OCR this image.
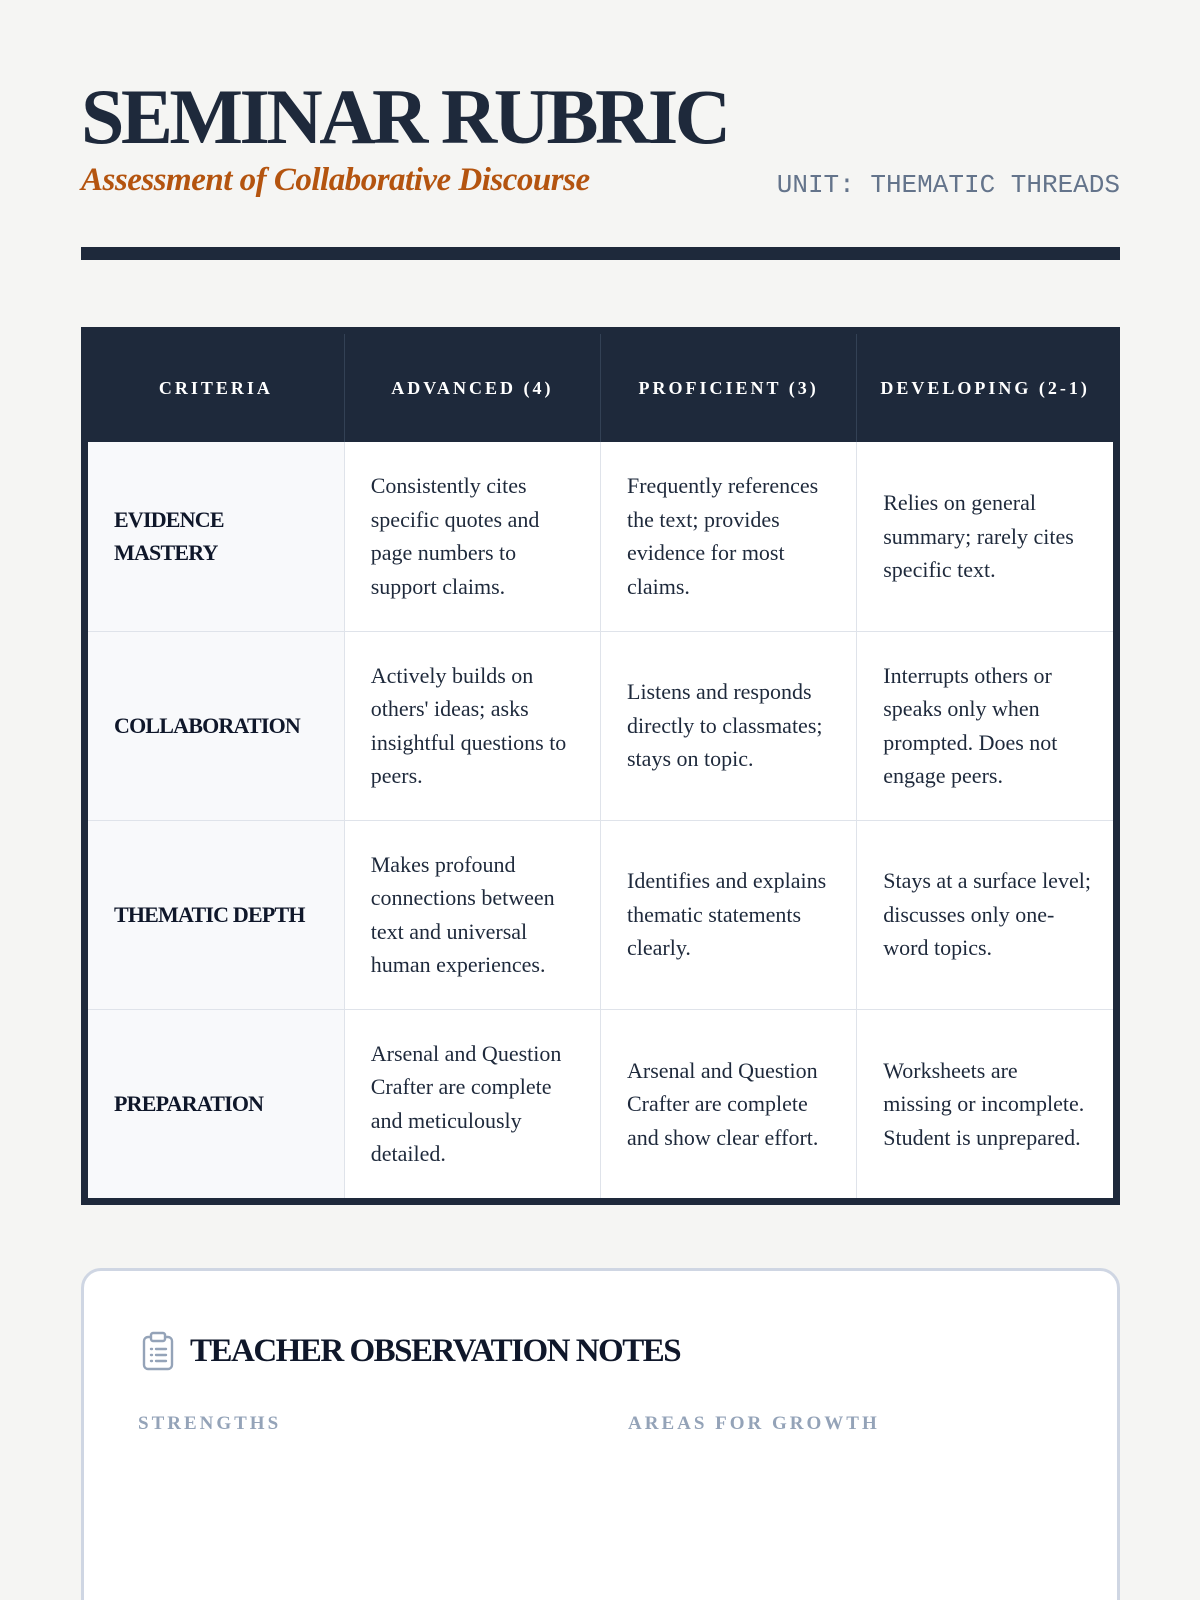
SEMINAR RUBRIC
Assessment of Collaborative Discourse	UNIT: THEMATIC THREADS
CRITERIA	ADVANCED (4)	PROFICIENT (3)	DEVELOPING (2-1)
EVIDENCE MASTERY	Consistently cites specific quotes and page numbers to support claims.	Frequently references the text; provides evidence for most claims.	Relies on general summary; rarely cites specific text.
COLLABORATION	Actively builds on others' ideas; asks insightful questions to peers.	Listens and responds directly to classmates; stays on topic.	Interrupts others or speaks only when prompted. Does not engage peers.
THEMATIC DEPTH	Makes profound connections between text and universal human experiences.	Identifies and explains thematic statements clearly.	Stays at a surface level; discusses only one-word topics.
PREPARATION	Arsenal and Question Crafter are complete and meticulously detailed.	Arsenal and Question Crafter are complete and show clear effort.	Worksheets are missing or incomplete. Student is unprepared.
TEACHER OBSERVATION NOTES
STRENGTHS	AREAS FOR GROWTH
